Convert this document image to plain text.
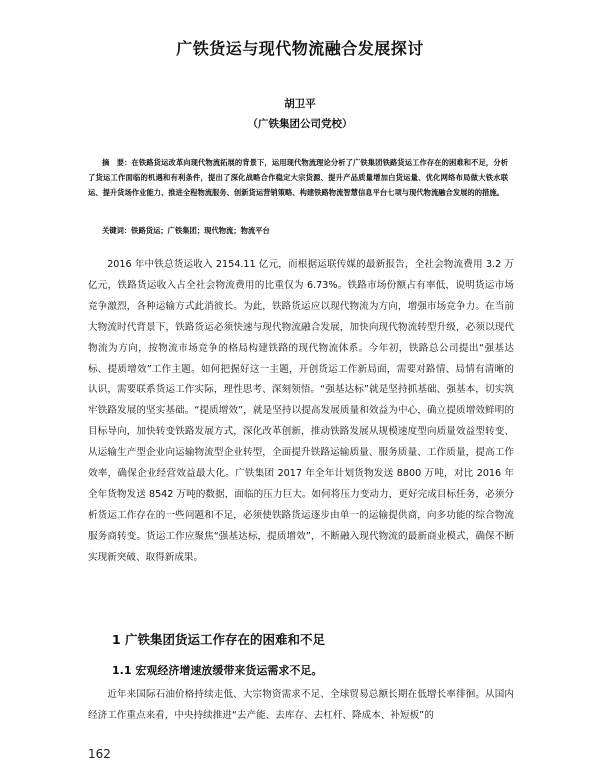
广铁货运与现代物流融合发展探讨
胡卫平
（广铁集团公司党校）
摘　要：在铁路货运改革向现代物流拓展的背景下，运用现代物流理论分析了广铁集团铁路货运工作存在的困难和不足，分析了货运工作面临的机遇和有利条件，提出了深化战略合作稳定大宗货源、提升产品质量增加白货运量、优化网络布局做大铁水联运、提升货场作业能力、推进全程物流服务、创新货运营销策略、构建铁路物流智慧信息平台七项与现代物流融合发展的的措施。
关键词：铁路货运；广铁集团；现代物流；物流平台
2016 年中铁总货运收入 2154.11 亿元，而根据运联传媒的最新报告，全社会物流费用 3.2 万亿元，铁路货运收入占全社会物流费用的比重仅为 6.73%。铁路市场份额占有率低，说明货运市场竞争激烈，各种运输方式此消彼长。为此，铁路货运应以现代物流为方向，增强市场竞争力。在当前大物流时代背景下，铁路货运必须快速与现代物流融合发展，加快向现代物流转型升级，必须以现代物流为方向，按物流市场竞争的格局构建铁路的现代物流体系。今年初，铁路总公司提出“强基达标、提质增效”工作主题。如何把握好这一主题，开创货运工作新局面，需要对路情、局情有清晰的认识，需要联系货运工作实际，理性思考、深刻领悟。“强基达标”就是坚持抓基础、强基本，切实筑牢铁路发展的坚实基础。“提质增效”，就是坚持以提高发展质量和效益为中心，确立提质增效鲜明的目标导向，加快转变铁路发展方式，深化改革创新，推动铁路发展从规模速度型向质量效益型转变、从运输生产型企业向运输物流型企业转型，全面提升铁路运输质量、服务质量、工作质量，提高工作效率，确保企业经营效益最大化。广铁集团 2017 年全年计划货物发送 8800 万吨，对比 2016 年全年货物发送 8542 万吨的数据，面临的压力巨大。如何将压力变动力，更好完成目标任务，必须分析货运工作存在的一些问题和不足，必须使铁路货运逐步由单一的运输提供商，向多功能的综合物流服务商转变。货运工作应聚焦“强基达标，提质增效”，不断融入现代物流的最新商业模式，确保不断实现新突破、取得新成果。
1 广铁集团货运工作存在的困难和不足
1.1 宏观经济增速放缓带来货运需求不足。
近年来国际石油价格持续走低、大宗物资需求不足、全球贸易总额长期在低增长率徘徊。从国内经济工作重点来看，中央持续推进“去产能、去库存、去杠杆、降成本、补短板”的
162
